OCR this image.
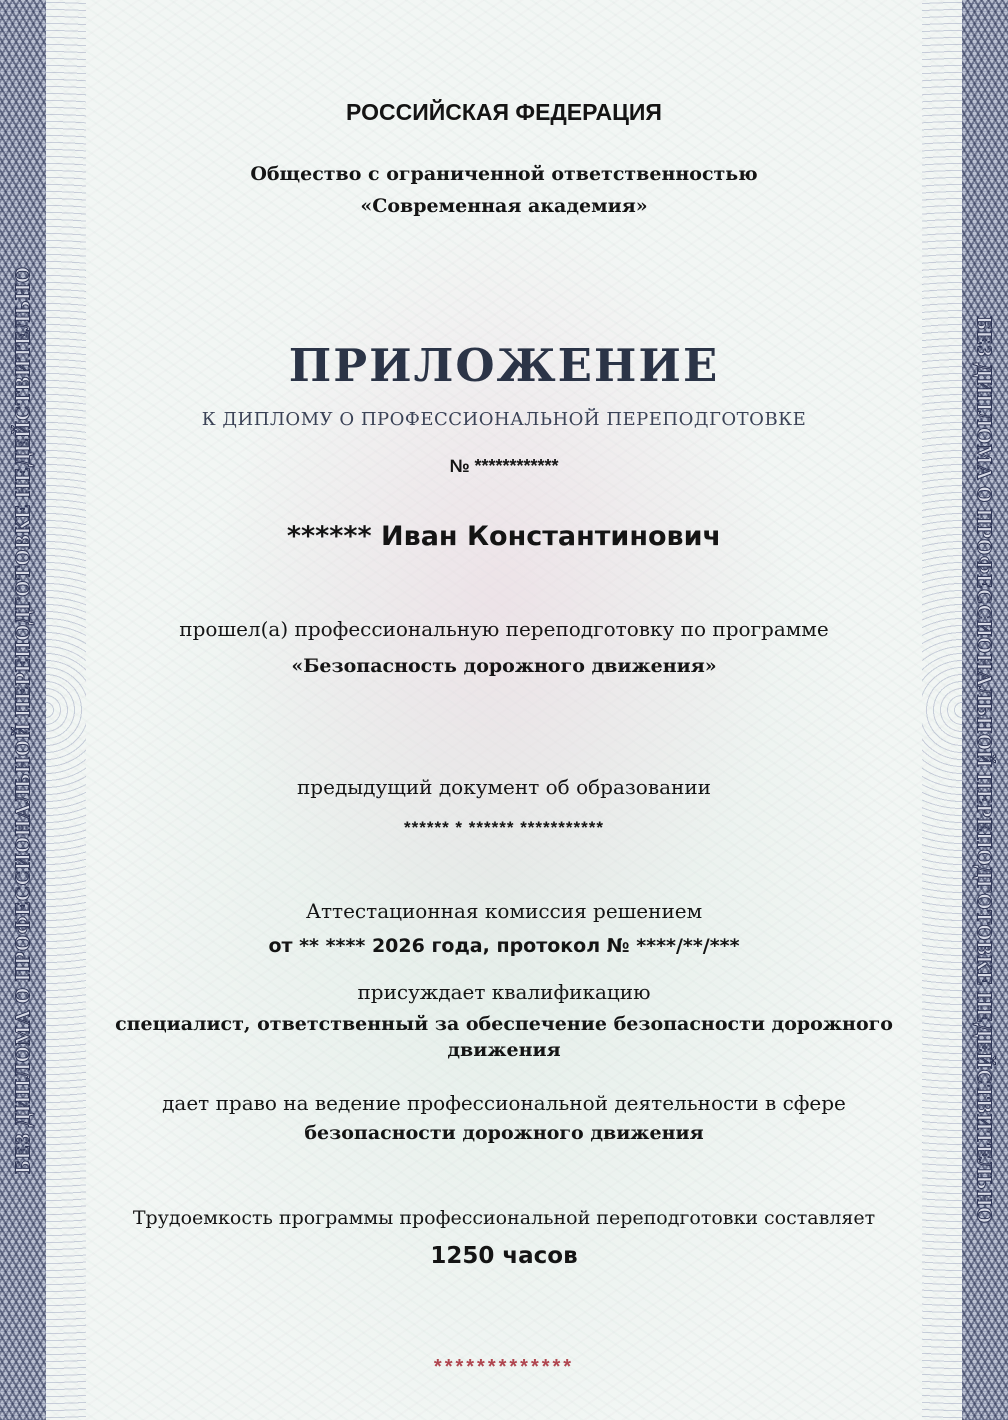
БЕЗ ДИПЛОМА О ПРОФЕССИОНАЛЬНОЙ ПЕРЕПОДГОТОВКЕ НЕДЕЙСТВИТЕЛЬНО	БЕЗ ДИПЛОМА О ПРОФЕССИОНАЛЬНОЙ ПЕРЕПОДГОТОВКЕ НЕДЕЙСТВИТЕЛЬНО

РОССИЙСКАЯ ФЕДЕРАЦИЯ

Общество с ограниченной ответственностью

«Современная академия»

ПРИЛОЖЕНИЕ

К ДИПЛОМУ О ПРОФЕССИОНАЛЬНОЙ ПЕРЕПОДГОТОВКЕ

№ ************

****** Иван Константинович

прошел(а) профессиональную переподготовку по программе

«Безопасность дорожного движения»

предыдущий документ об образовании

****** * ****** ***********

Аттестационная комиссия решением

от ** **** 2026 года, протокол № ****/**/***

присуждает квалификацию

специалист, ответственный за обеспечение безопасности дорожного движения

дает право на ведение профессиональной деятельности в сфере

безопасности дорожного движения

Трудоемкость программы профессиональной переподготовки составляет

1250 часов

*************
